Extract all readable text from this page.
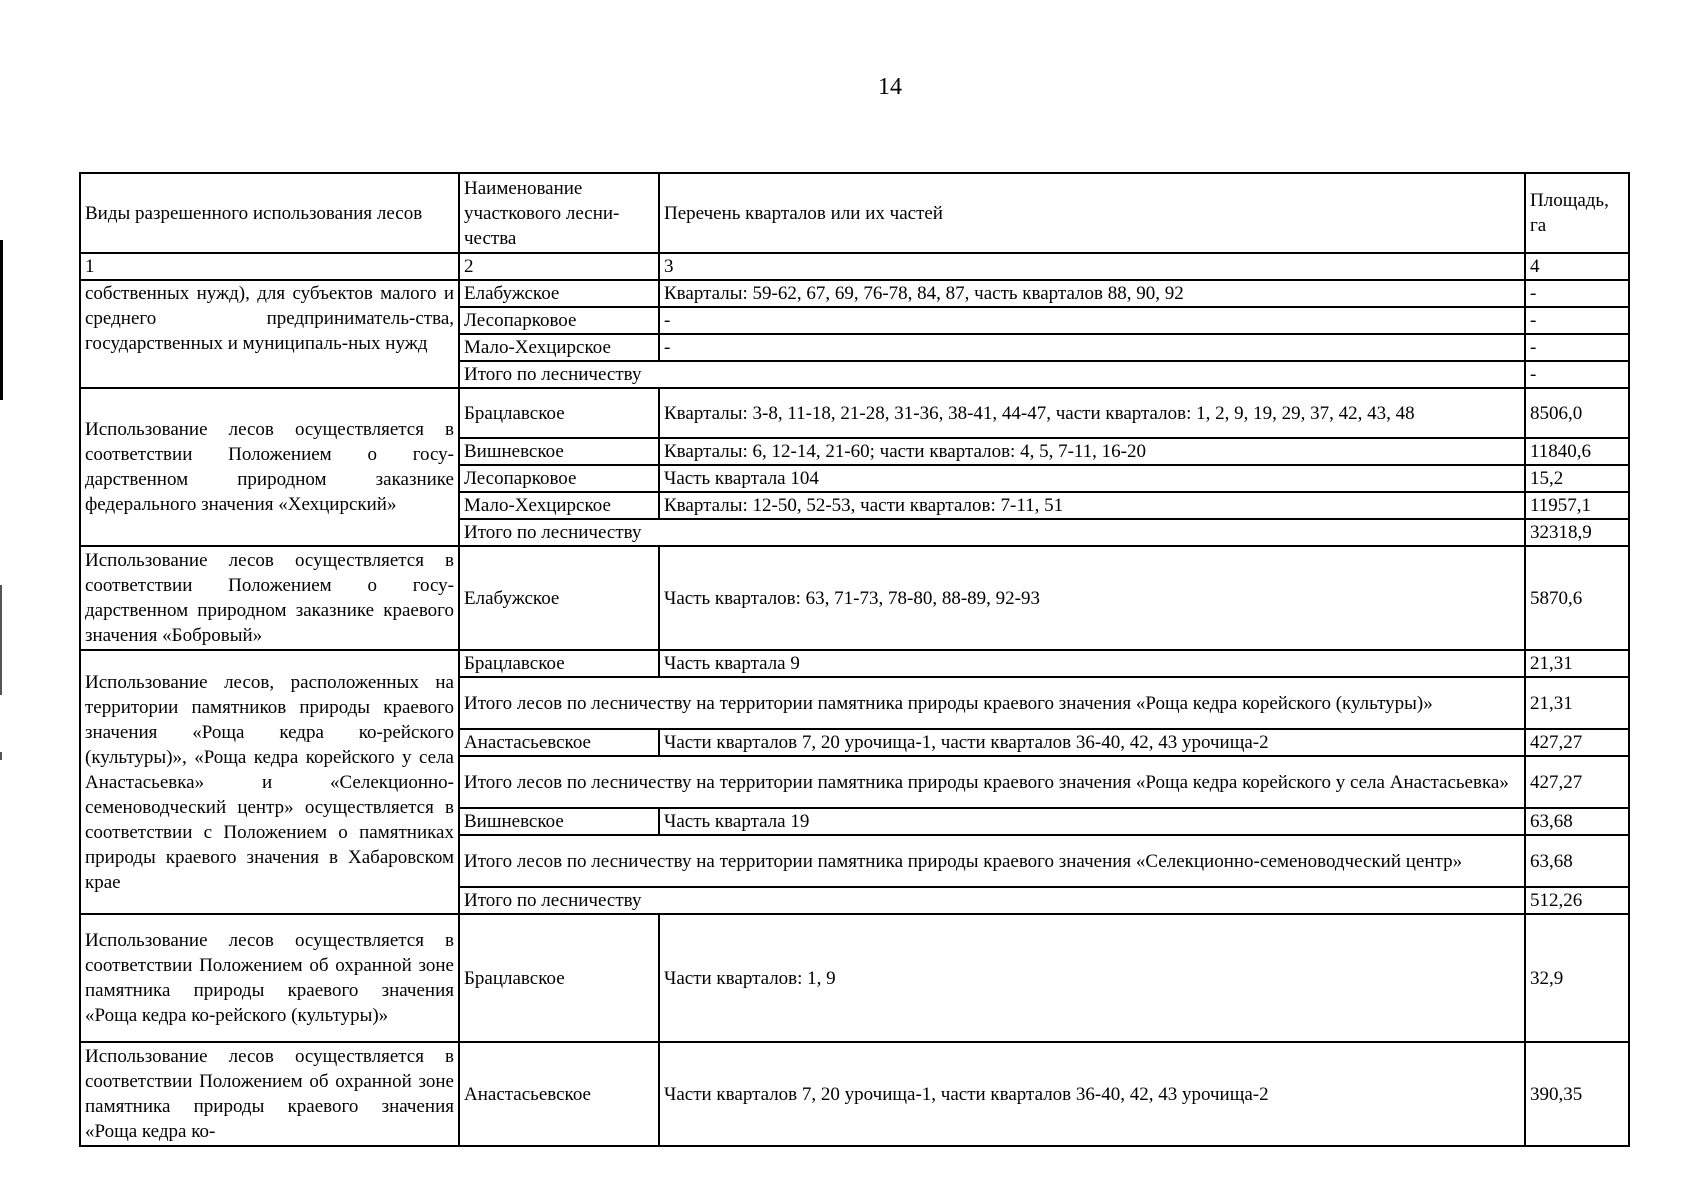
14
Виды разрешенного использования лесов	Наименование участкового лесни-чества	Перечень кварталов или их частей	Площадь, га
1	2	3	4
собственных нужд), для субъектов малого и среднего предприниматель-ства, государственных и муниципаль-ных нужд	Елабужское	Кварталы: 59-62, 67, 69, 76-78, 84, 87, часть кварталов 88, 90, 92	-
	Лесопарковое	-	-
	Мало-Хехцирское	-	-
	Итого по лесничеству		-
Использование лесов осуществляется в соответствии Положением о госу-дарственном природном заказнике федерального значения «Хехцирский»	Брацлавское	Кварталы: 3-8, 11-18, 21-28, 31-36, 38-41, 44-47, части кварталов: 1, 2, 9, 19, 29, 37, 42, 43, 48	8506,0
	Вишневское	Кварталы: 6, 12-14, 21-60; части кварталов: 4, 5, 7-11, 16-20	11840,6
	Лесопарковое	Часть квартала 104	15,2
	Мало-Хехцирское	Кварталы: 12-50, 52-53, части кварталов: 7-11, 51	11957,1
	Итого по лесничеству		32318,9
Использование лесов осуществляется в соответствии Положением о госу-дарственном природном заказнике краевого значения «Бобровый»	Елабужское	Часть кварталов: 63, 71-73, 78-80, 88-89, 92-93	5870,6
Использование лесов, расположенных на территории памятников природы краевого значения «Роща кедра ко-рейского (культуры)», «Роща кедра корейского у села Анастасьевка» и «Селекционно-семеноводческий центр» осуществляется в соответствии с Положением о памятниках природы краевого значения в Хабаровском крае	Брацлавское	Часть квартала 9	21,31
	Итого лесов по лесничеству на территории памятника природы краевого значения «Роща кедра корейского (культуры)»		21,31
	Анастасьевское	Части кварталов 7, 20 урочища-1, части кварталов 36-40, 42, 43 урочища-2	427,27
	Итого лесов по лесничеству на территории памятника природы краевого значения «Роща кедра корейского у села Анастасьевка»		427,27
	Вишневское	Часть квартала 19	63,68
	Итого лесов по лесничеству на территории памятника природы краевого значения «Селекционно-семеноводческий центр»		63,68
	Итого по лесничеству		512,26
Использование лесов осуществляется в соответствии Положением об охранной зоне памятника природы краевого значения «Роща кедра ко-рейского (культуры)»	Брацлавское	Части кварталов: 1, 9	32,9
Использование лесов осуществляется в соответствии Положением об охранной зоне памятника природы краевого значения «Роща кедра ко-	Анастасьевское	Части кварталов 7, 20 урочища-1, части кварталов 36-40, 42, 43 урочища-2	390,35
